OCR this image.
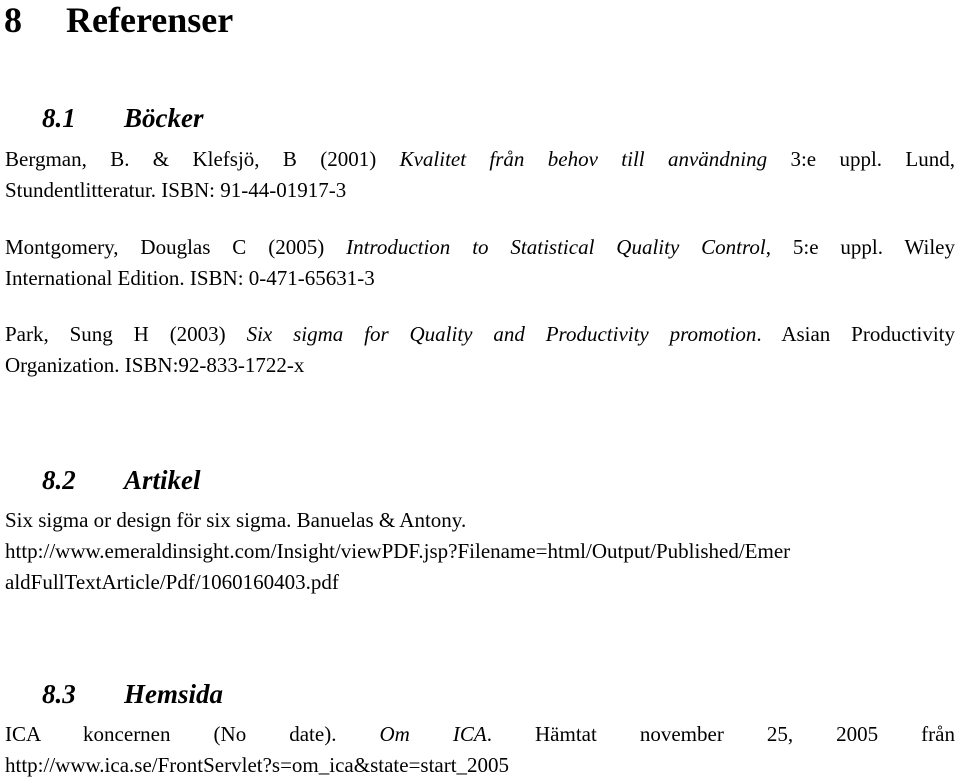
8 Referenser
8.1 Böcker
Bergman, B. & Klefsjö, B (2001) Kvalitet från behov till användning 3:e uppl. Lund,
Stundentlitteratur. ISBN: 91-44-01917-3
Montgomery, Douglas C (2005) Introduction to Statistical Quality Control, 5:e uppl. Wiley
International Edition. ISBN: 0-471-65631-3
Park, Sung H (2003) Six sigma for Quality and Productivity promotion. Asian Productivity
Organization. ISBN:92-833-1722-x
8.2 Artikel
Six sigma or design för six sigma. Banuelas & Antony.
http://www.emeraldinsight.com/Insight/viewPDF.jsp?Filename=html/Output/Published/Emer
aldFullTextArticle/Pdf/1060160403.pdf
8.3 Hemsida
ICA koncernen (No date). Om ICA. Hämtat november 25, 2005 från
http://www.ica.se/FrontServlet?s=om_ica&state=start_2005
